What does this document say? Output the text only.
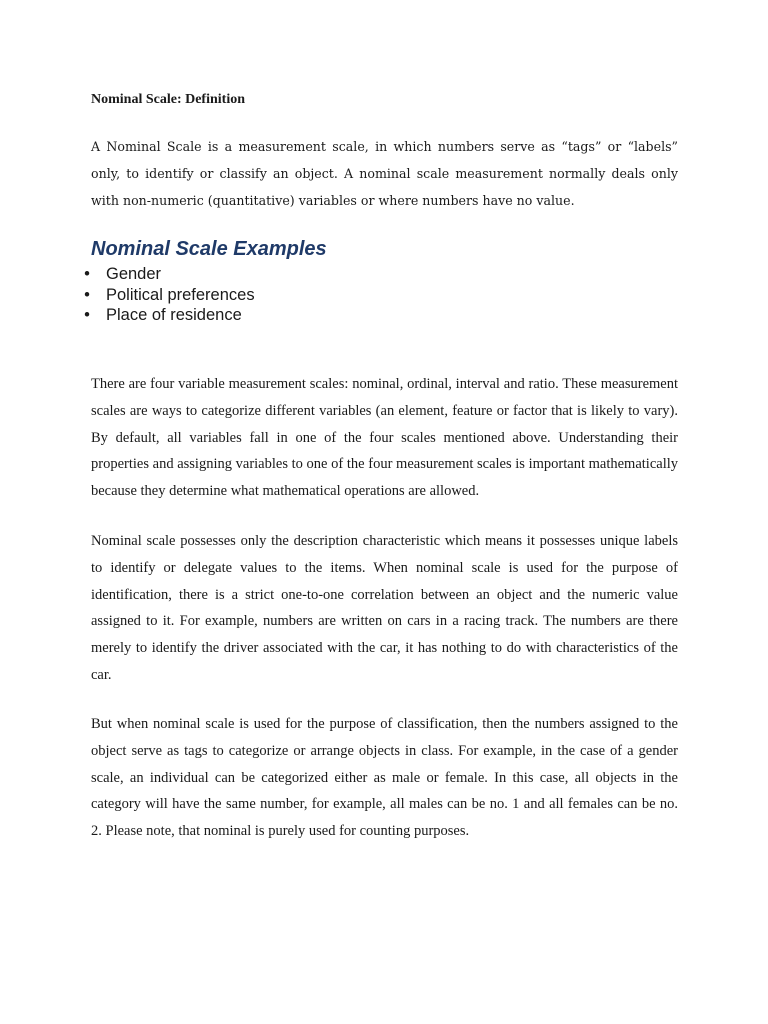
Nominal Scale: Definition

A Nominal Scale is a measurement scale, in which numbers serve as “tags” or “labels” only, to identify or classify an object. A nominal scale measurement normally deals only with non-numeric (quantitative) variables or where numbers have no value.

Nominal Scale Examples
• Gender
• Political preferences
• Place of residence

There are four variable measurement scales: nominal, ordinal, interval and ratio. These measurement scales are ways to categorize different variables (an element, feature or factor that is likely to vary). By default, all variables fall in one of the four scales mentioned above. Understanding their properties and assigning variables to one of the four measurement scales is important mathematically because they determine what mathematical operations are allowed.

Nominal scale possesses only the description characteristic which means it possesses unique labels to identify or delegate values to the items. When nominal scale is used for the purpose of identification, there is a strict one-to-one correlation between an object and the numeric value assigned to it. For example, numbers are written on cars in a racing track. The numbers are there merely to identify the driver associated with the car, it has nothing to do with characteristics of the car.

But when nominal scale is used for the purpose of classification, then the numbers assigned to the object serve as tags to categorize or arrange objects in class. For example, in the case of a gender scale, an individual can be categorized either as male or female. In this case, all objects in the category will have the same number, for example, all males can be no. 1 and all females can be no. 2. Please note, that nominal is purely used for counting purposes.
